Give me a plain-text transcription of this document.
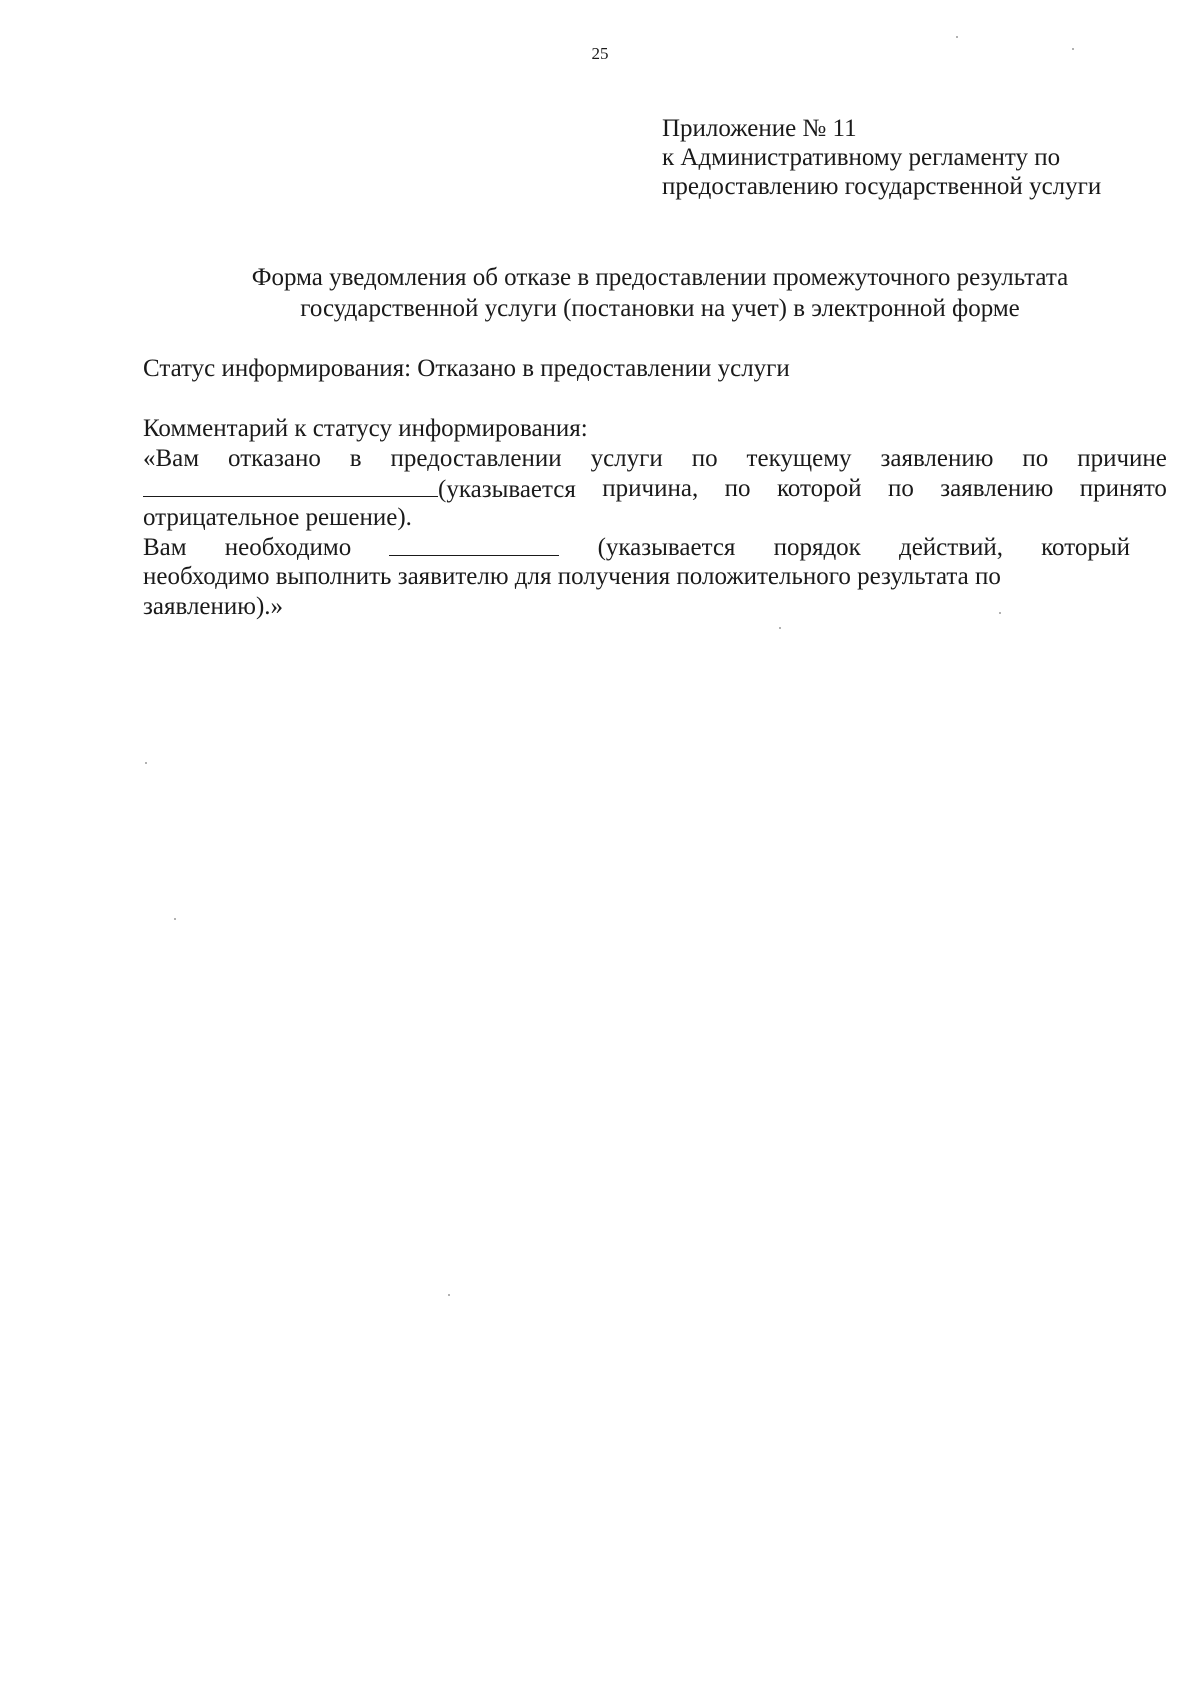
25
Приложение № 11
к Административному регламенту по
предоставлению государственной услуги
Форма уведомления об отказе в предоставлении промежуточного результата
государственной услуги (постановки на учет) в электронной форме
Статус информирования: Отказано в предоставлении услуги
Комментарий к статусу информирования:
«Вам отказано в предоставлении услуги по текущему заявлению по причине
(указывается причина, по которой по заявлению принято
отрицательное решение).
Вам необходимо	(указывается порядок действий, который
необходимо выполнить заявителю для получения положительного результата по
заявлению).»
